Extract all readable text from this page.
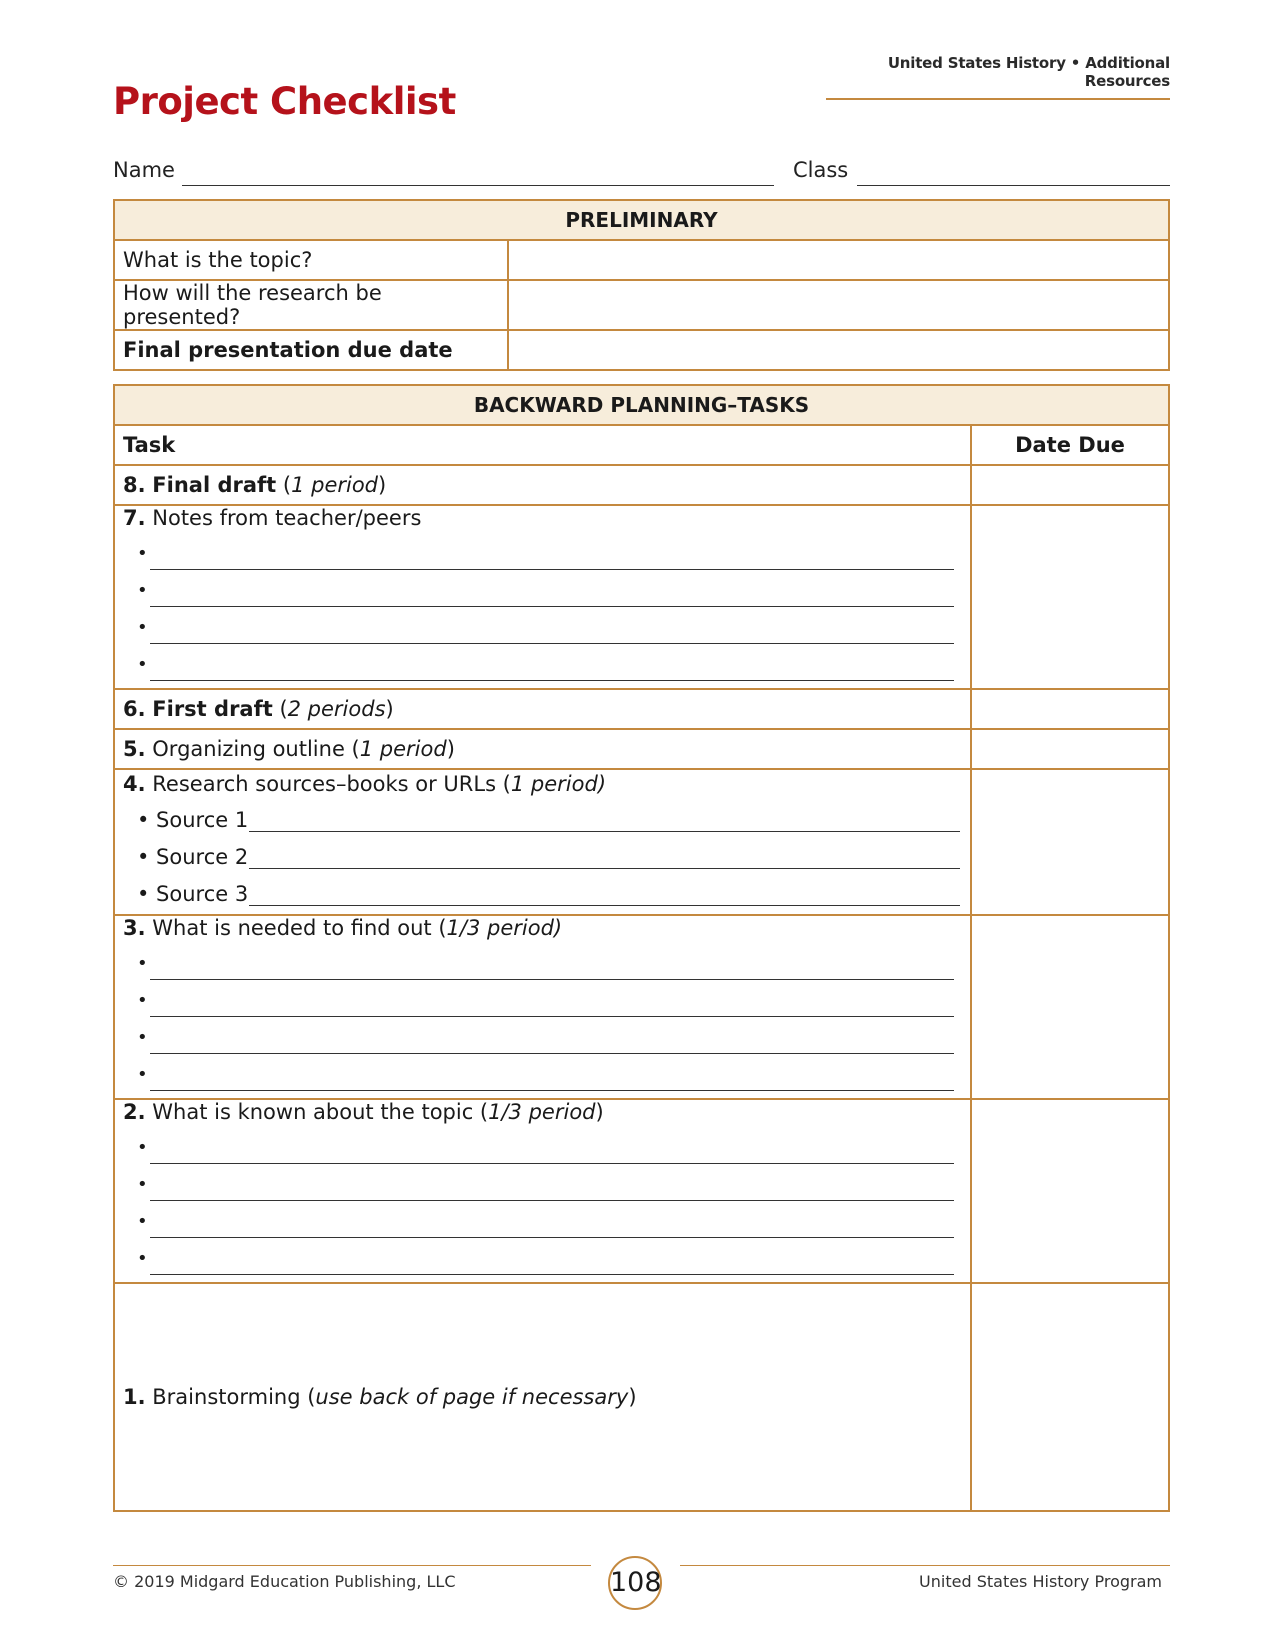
United States History • Additional Resources
Project Checklist
Name	Class
PRELIMINARY	
What is the topic?	
How will the research be presented?	
Final presentation due date	
BACKWARD PLANNING–TASKS	
Task	Date Due
8. Final draft (1 period)	
7. Notes from teacher/peers
•
•
•
•	

6. First draft (2 periods)	
5. Organizing outline (1 period)	
4. Research sources–books or URLs (1 period)
• Source 1
• Source 2
• Source 3	

3. What is needed to find out (1/3 period)
•
•
•
•	

2. What is known about the topic (1/3 period)
•
•
•
•	

1. Brainstorming (use back of page if necessary)	
© 2019 Midgard Education Publishing, LLC	108	United States History Program
